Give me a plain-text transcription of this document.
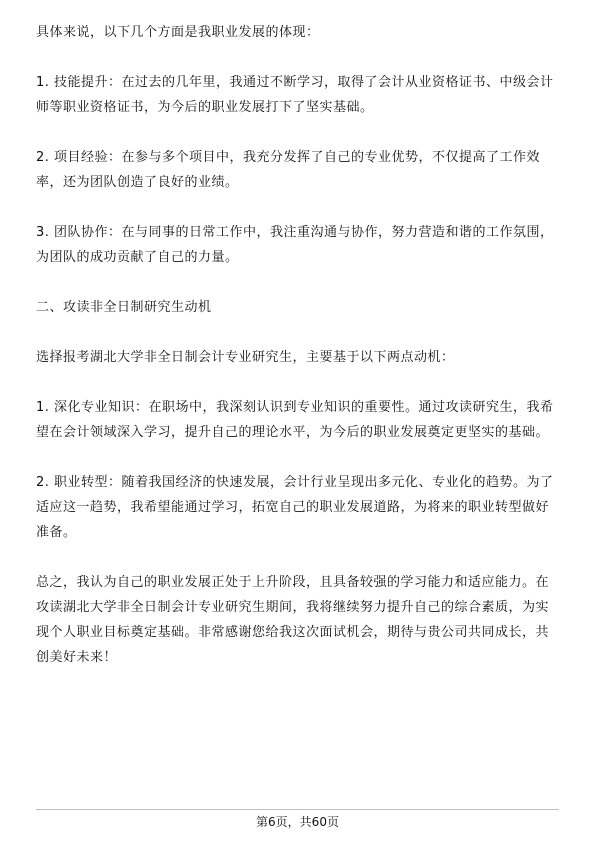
具体来说，以下几个方面是我职业发展的体现：

1. 技能提升：在过去的几年里，我通过不断学习，取得了会计从业资格证书、中级会计师等职业资格证书，为今后的职业发展打下了坚实基础。

2. 项目经验：在参与多个项目中，我充分发挥了自己的专业优势，不仅提高了工作效率，还为团队创造了良好的业绩。

3. 团队协作：在与同事的日常工作中，我注重沟通与协作，努力营造和谐的工作氛围，为团队的成功贡献了自己的力量。

二、攻读非全日制研究生动机

选择报考湖北大学非全日制会计专业研究生，主要基于以下两点动机：

1. 深化专业知识：在职场中，我深刻认识到专业知识的重要性。通过攻读研究生，我希望在会计领域深入学习，提升自己的理论水平，为今后的职业发展奠定更坚实的基础。

2. 职业转型：随着我国经济的快速发展，会计行业呈现出多元化、专业化的趋势。为了适应这一趋势，我希望能通过学习，拓宽自己的职业发展道路，为将来的职业转型做好准备。

总之，我认为自己的职业发展正处于上升阶段，且具备较强的学习能力和适应能力。在攻读湖北大学非全日制会计专业研究生期间，我将继续努力提升自己的综合素质，为实现个人职业目标奠定基础。非常感谢您给我这次面试机会，期待与贵公司共同成长，共创美好未来！

第6页，共60页
